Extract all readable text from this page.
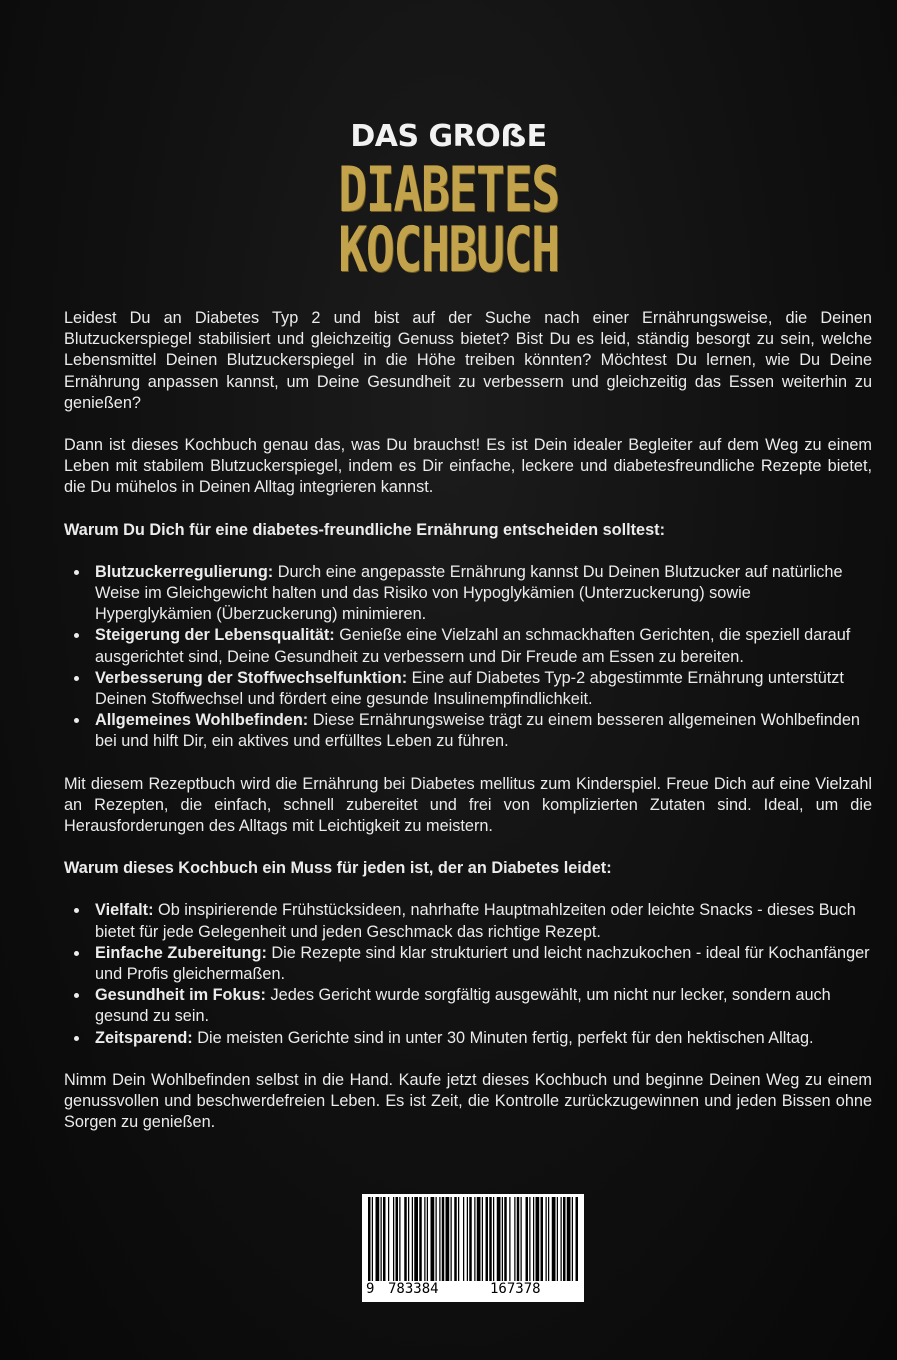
DAS GROẞE
DIABETES
KOCHBUCH

Leidest Du an Diabetes Typ 2 und bist auf der Suche nach einer Ernährungsweise, die Deinen Blutzuckerspiegel stabilisiert und gleichzeitig Genuss bietet? Bist Du es leid, ständig besorgt zu sein, welche Lebensmittel Deinen Blutzuckerspiegel in die Höhe treiben könnten? Möchtest Du lernen, wie Du Deine Ernährung anpassen kannst, um Deine Gesundheit zu verbessern und gleichzeitig das Essen weiterhin zu genießen?

Dann ist dieses Kochbuch genau das, was Du brauchst! Es ist Dein idealer Begleiter auf dem Weg zu einem Leben mit stabilem Blutzuckerspiegel, indem es Dir einfache, leckere und diabetesfreundliche Rezepte bietet, die Du mühelos in Deinen Alltag integrieren kannst.

Warum Du Dich für eine diabetes-freundliche Ernährung entscheiden solltest:

Blutzuckerregulierung: Durch eine angepasste Ernährung kannst Du Deinen Blutzucker auf natürliche Weise im Gleichgewicht halten und das Risiko von Hypoglykämien (Unterzuckerung) sowie Hyperglykämien (Überzuckerung) minimieren.
Steigerung der Lebensqualität: Genieße eine Vielzahl an schmackhaften Gerichten, die speziell darauf ausgerichtet sind, Deine Gesundheit zu verbessern und Dir Freude am Essen zu bereiten.
Verbesserung der Stoffwechselfunktion: Eine auf Diabetes Typ-2 abgestimmte Ernährung unterstützt Deinen Stoffwechsel und fördert eine gesunde Insulinempfindlichkeit.
Allgemeines Wohlbefinden: Diese Ernährungsweise trägt zu einem besseren allgemeinen Wohlbefinden bei und hilft Dir, ein aktives und erfülltes Leben zu führen.

Mit diesem Rezeptbuch wird die Ernährung bei Diabetes mellitus zum Kinderspiel. Freue Dich auf eine Vielzahl an Rezepten, die einfach, schnell zubereitet und frei von komplizierten Zutaten sind. Ideal, um die Herausforderungen des Alltags mit Leichtigkeit zu meistern.

Warum dieses Kochbuch ein Muss für jeden ist, der an Diabetes leidet:

Vielfalt: Ob inspirierende Frühstücksideen, nahrhafte Hauptmahlzeiten oder leichte Snacks - dieses Buch bietet für jede Gelegenheit und jeden Geschmack das richtige Rezept.
Einfache Zubereitung: Die Rezepte sind klar strukturiert und leicht nachzukochen - ideal für Kochanfänger und Profis gleichermaßen.
Gesundheit im Fokus: Jedes Gericht wurde sorgfältig ausgewählt, um nicht nur lecker, sondern auch gesund zu sein.
Zeitsparend: Die meisten Gerichte sind in unter 30 Minuten fertig, perfekt für den hektischen Alltag.

Nimm Dein Wohlbefinden selbst in die Hand. Kaufe jetzt dieses Kochbuch und beginne Deinen Weg zu einem genussvollen und beschwerdefreien Leben. Es ist Zeit, die Kontrolle zurückzugewinnen und jeden Bissen ohne Sorgen zu genießen.

9 783384	167378
